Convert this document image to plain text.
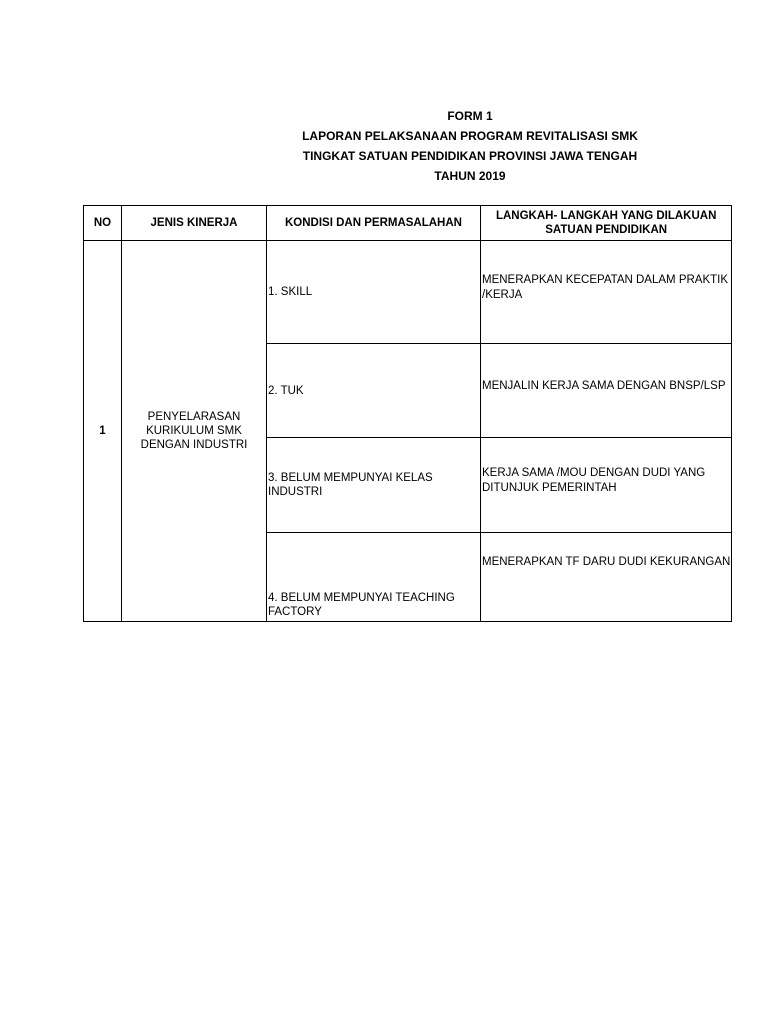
FORM 1
LAPORAN PELAKSANAAN PROGRAM REVITALISASI SMK
TINGKAT SATUAN PENDIDIKAN PROVINSI JAWA TENGAH
TAHUN 2019
NO	JENIS KINERJA	KONDISI DAN PERMASALAHAN	LANGKAH- LANGKAH YANG DILAKUAN SATUAN PENDIDIKAN
1	PENYELARASAN KURIKULUM SMK DENGAN INDUSTRI	1. SKILL	MENERAPKAN KECEPATAN DALAM PRAKTIK /KERJA
		2. TUK	MENJALIN KERJA SAMA DENGAN BNSP/LSP
		3. BELUM MEMPUNYAI KELAS INDUSTRI	KERJA SAMA /MOU DENGAN DUDI YANG DITUNJUK PEMERINTAH
		4. BELUM MEMPUNYAI TEACHING FACTORY	MENERAPKAN TF DARU DUDI KEKURANGAN
